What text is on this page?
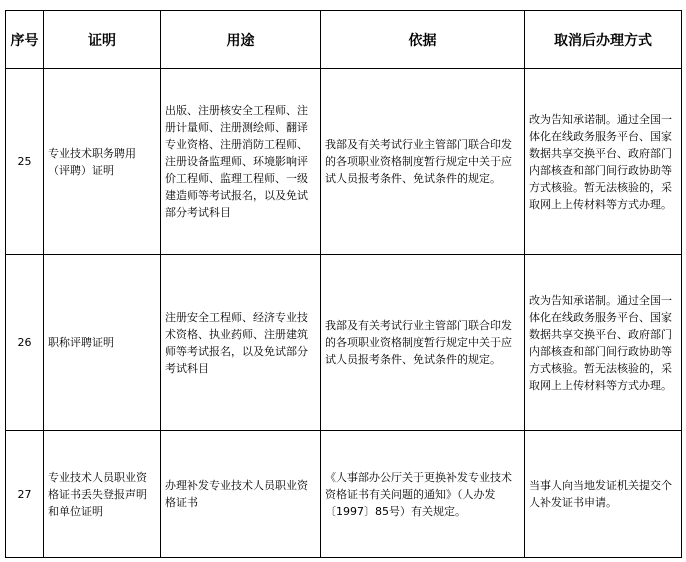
序号	证明	用途	依据	取消后办理方式
25	专业技术职务聘用（评聘）证明	出版、注册核安全工程师、注册计量师、注册测绘师、翻译专业资格、注册消防工程师、注册设备监理师、环境影响评价工程师、监理工程师、一级建造师等考试报名，以及免试部分考试科目	我部及有关考试行业主管部门联合印发的各项职业资格制度暂行规定中关于应试人员报考条件、免试条件的规定。	改为告知承诺制。通过全国一体化在线政务服务平台、国家数据共享交换平台、政府部门内部核查和部门间行政协助等方式核验。暂无法核验的，采取网上上传材料等方式办理。

26	职称评聘证明	注册安全工程师、经济专业技术资格、执业药师、注册建筑师等考试报名，以及免试部分考试科目	我部及有关考试行业主管部门联合印发的各项职业资格制度暂行规定中关于应试人员报考条件、免试条件的规定。	改为告知承诺制。通过全国一体化在线政务服务平台、国家数据共享交换平台、政府部门内部核查和部门间行政协助等方式核验。暂无法核验的，采取网上上传材料等方式办理。

27	专业技术人员职业资格证书丢失登报声明和单位证明	办理补发专业技术人员职业资格证书	《人事部办公厅关于更换补发专业技术资格证书有关问题的通知》（人办发〔1997〕85号）有关规定。	当事人向当地发证机关提交个人补发证书申请。
